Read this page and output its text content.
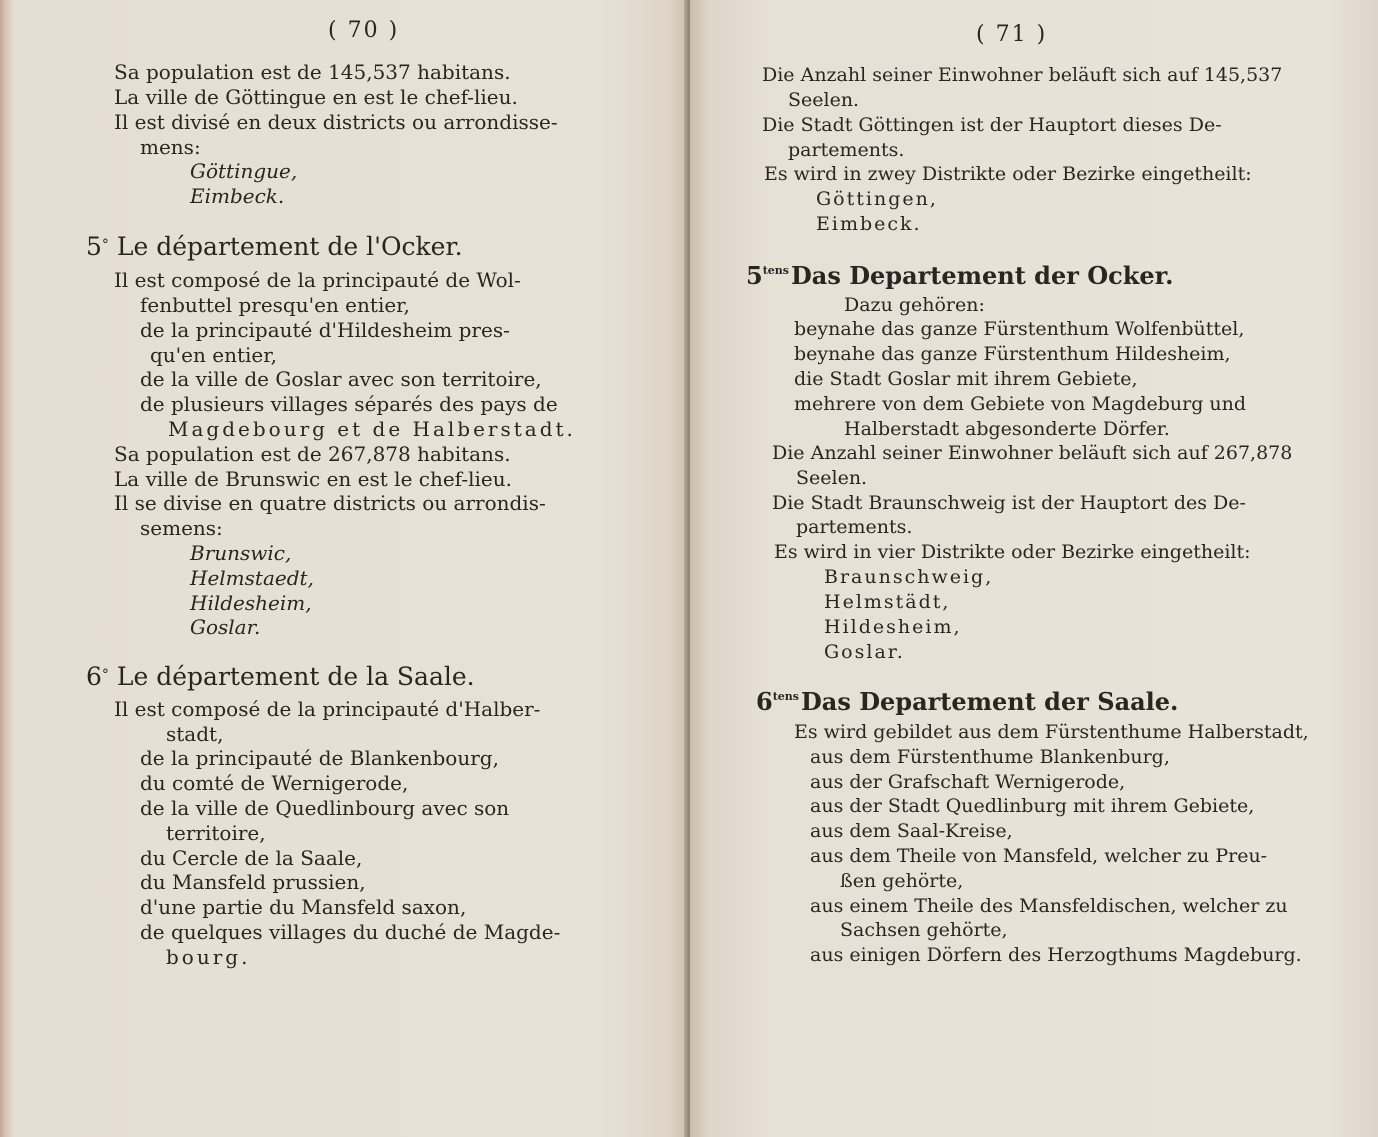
( 70 )
Sa population est de 145,537 habitans.
La ville de Göttingue en est le chef-lieu.
Il est divisé en deux districts ou arrondisse-
mens:
Göttingue,
Eimbeck.
5° Le département de l'Ocker.
Il est composé de la principauté de Wol-
fenbuttel presqu'en entier,
de la principauté d'Hildesheim pres-
qu'en entier,
de la ville de Goslar avec son territoire,
de plusieurs villages séparés des pays de
Magdebourg et de Halberstadt.
Sa population est de 267,878 habitans.
La ville de Brunswic en est le chef-lieu.
Il se divise en quatre districts ou arrondis-
semens:
Brunswic,
Helmstaedt,
Hildesheim,
Goslar.
6° Le département de la Saale.
Il est composé de la principauté d'Halber-
stadt,
de la principauté de Blankenbourg,
du comté de Wernigerode,
de la ville de Quedlinbourg avec son
territoire,
du Cercle de la Saale,
du Mansfeld prussien,
d'une partie du Mansfeld saxon,
de quelques villages du duché de Magde-
bourg.
( 71 )
Die Anzahl seiner Einwohner beläuft sich auf 145,537
Seelen.
Die Stadt Göttingen ist der Hauptort dieses De-
partements.
Es wird in zwey Distrikte oder Bezirke eingetheilt:
Göttingen,
Eimbeck.
$5^{tens}Das$ Departement der Ocker.
Dazu gehören:
beynahe das ganze Fürstenthum Wolfenbüttel,
beynahe das ganze Fürstenthum Hildesheim,
die Stadt Goslar mit ihrem Gebiete,
mehrere von dem Gebiete von Magdeburg und
Halberstadt abgesonderte Dörfer.
Die Anzahl seiner Einwohner beläuft sich auf 267,878
Seelen.
Die Stadt Braunschweig ist der Hauptort des De-
partements.
Es wird in vier Distrikte oder Bezirke eingetheilt:
Braunschweig,
Helmstädt,
Hildesheim,
Goslar.
$6^{tens}Das$ Departement der Saale.
Es wird gebildet aus dem Fürstenthume Halberstadt,
aus dem Fürstenthume Blankenburg,
aus der Grafschaft Wernigerode,
aus der Stadt Quedlinburg mit ihrem Gebiete,
aus dem Saal-Kreise,
aus dem Theile von Mansfeld, welcher zu Preu-
ßen gehörte,
aus einem Theile des Mansfeldischen, welcher zu
Sachsen gehörte,
aus einigen Dörfern des Herzogthums Magdeburg.
